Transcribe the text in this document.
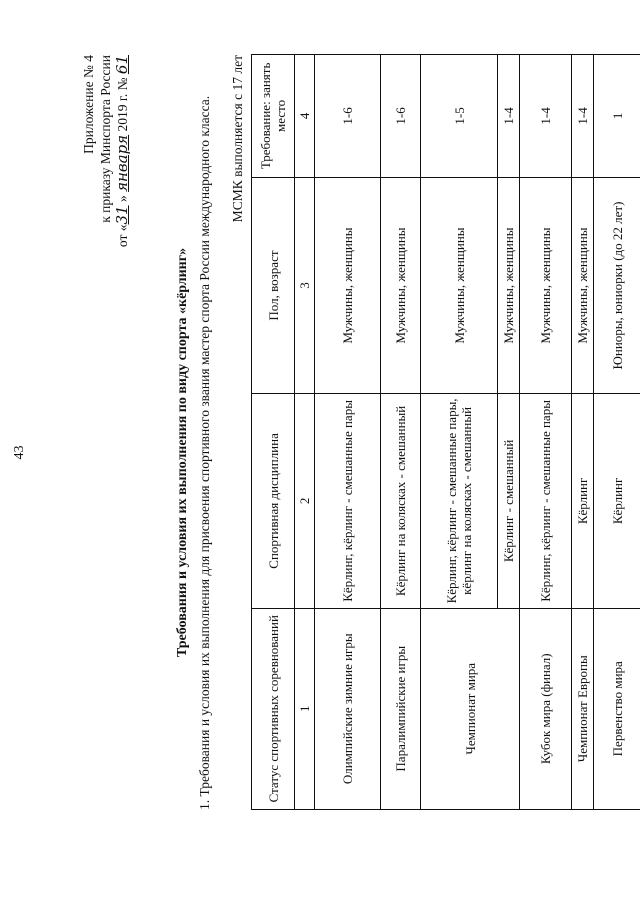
43
Приложение № 4 к приказу Минспорта России
от «31 » января 2019 г. № 61
Требования и условия их выполнения по виду спорта «кёрлинг» 1. Требования и условия их выполнения для присвоения спортивного звания мастер спорта России международного класса. МСМК выполняется с 17 лет
Статус спортивных соревнований	Спортивная дисциплина	Пол, возраст	Требование: занять место
1	2	3	4
Олимпийские зимние игры	Кёрлинг, кёрлинг - смешанные пары	Мужчины, женщины	1-6
Паралимпийские игры	Кёрлинг на колясках - смешанный	Мужчины, женщины	1-6
Чемпионат мира	Кёрлинг, кёрлинг - смешанные пары, кёрлинг на колясках - смешанный	Мужчины, женщины	1-5
	Кёрлинг - смешанный	Мужчины, женщины	1-4
Кубок мира (финал)	Кёрлинг, кёрлинг - смешанные пары	Мужчины, женщины	1-4
Чемпионат Европы	Кёрлинг	Мужчины, женщины	1-4
Первенство мира	Кёрлинг	Юниоры, юниорки (до 22 лет)	1
